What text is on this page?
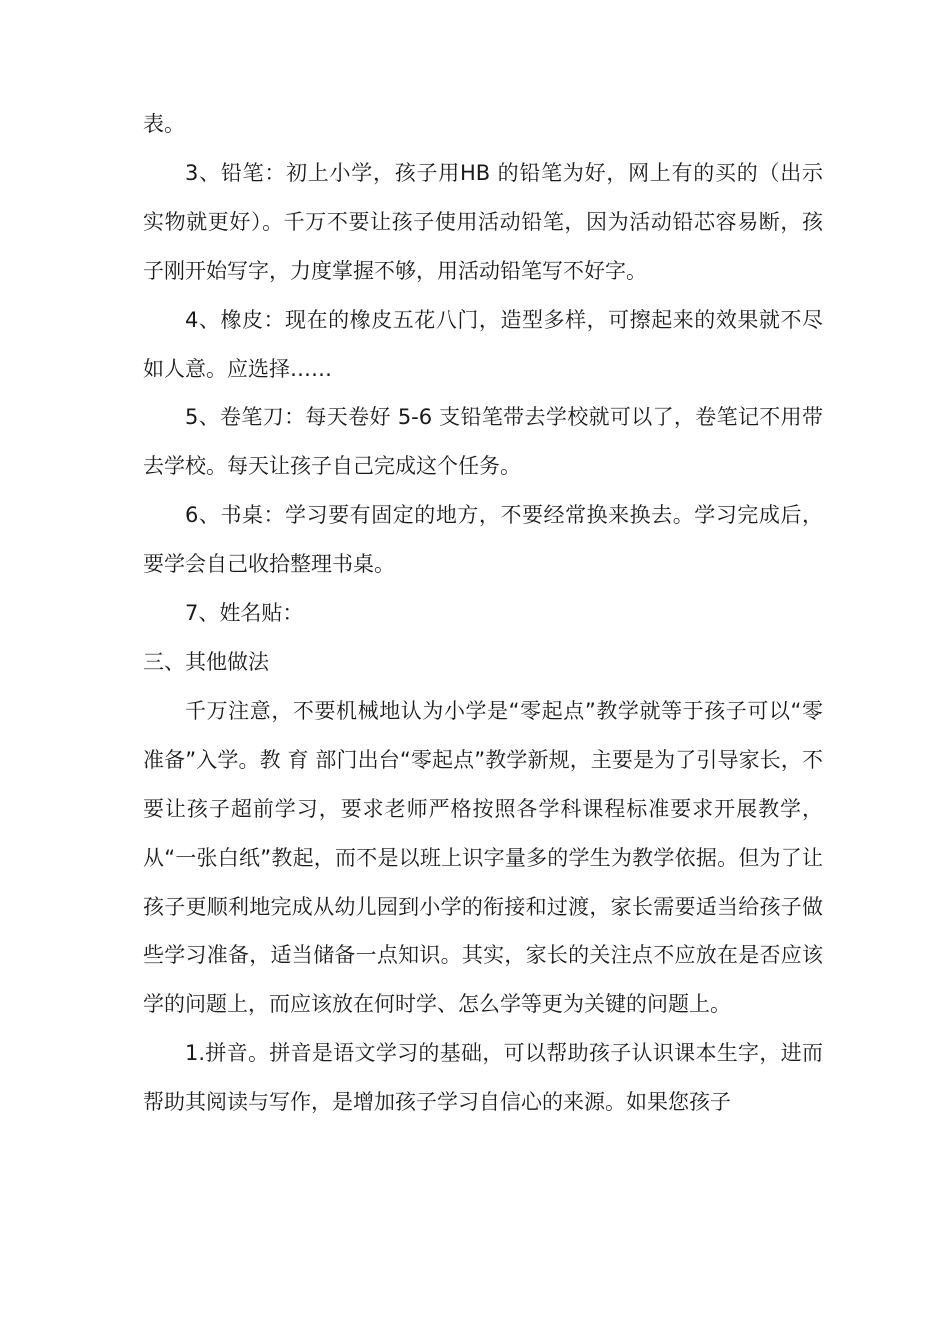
表。

3、铅笔：初上小学，孩子用HB 的铅笔为好，网上有的买的（出示实物就更好）。千万不要让孩子使用活动铅笔，因为活动铅芯容易断，孩子刚开始写字，力度掌握不够，用活动铅笔写不好字。

4、橡皮：现在的橡皮五花八门，造型多样，可擦起来的效果就不尽如人意。应选择……

5、卷笔刀：每天卷好 5-6 支铅笔带去学校就可以了，卷笔记不用带去学校。每天让孩子自己完成这个任务。

6、书桌：学习要有固定的地方，不要经常换来换去。学习完成后，要学会自己收拾整理书桌。

7、姓名贴：

三、其他做法

千万注意，不要机械地认为小学是“零起点”教学就等于孩子可以“零准备”入学。教 育 部门出台“零起点”教学新规，主要是为了引导家长，不要让孩子超前学习，要求老师严格按照各学科课程标准要求开展教学，从“一张白纸”教起，而不是以班上识字量多的学生为教学依据。但为了让孩子更顺利地完成从幼儿园到小学的衔接和过渡，家长需要适当给孩子做些学习准备，适当储备一点知识。其实，家长的关注点不应放在是否应该学的问题上，而应该放在何时学、怎么学等更为关键的问题上。

1.拼音。拼音是语文学习的基础，可以帮助孩子认识课本生字，进而帮助其阅读与写作，是增加孩子学习自信心的来源。如果您孩子
